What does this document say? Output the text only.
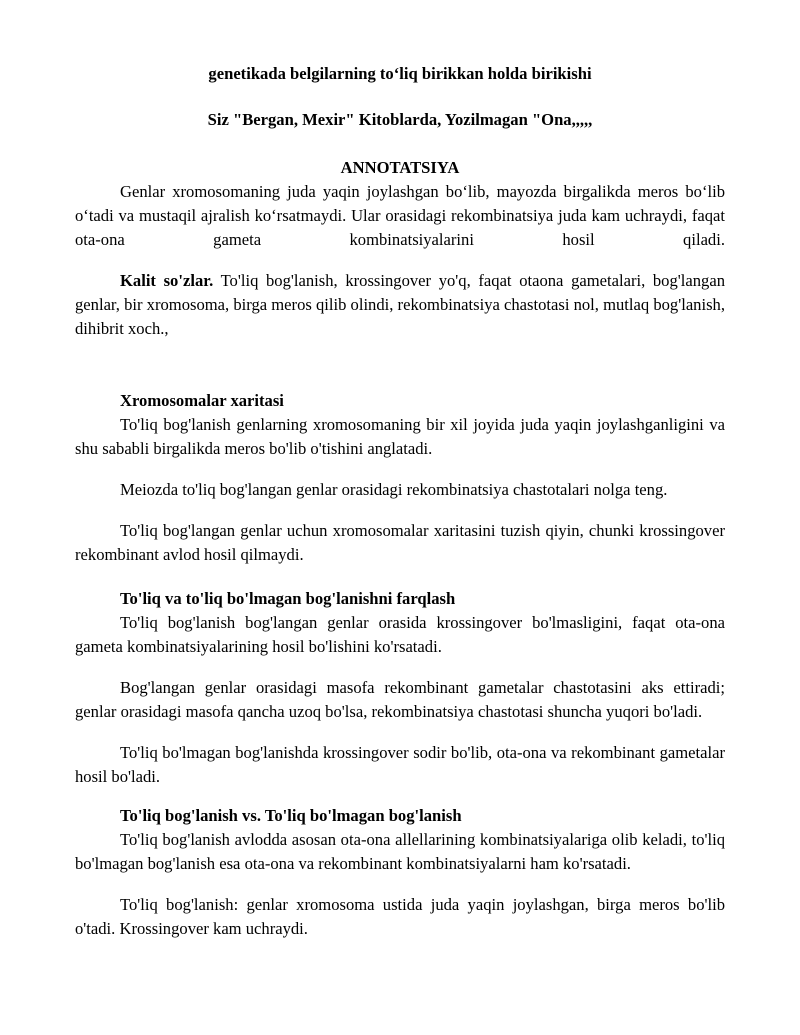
genetikada belgilarning to‘liq birikkan holda birikishi

Siz "Bergan, Mexir" Kitoblarda, Yozilmagan "Ona,,,,,

ANNOTATSIYA

Genlar xromosomaning juda yaqin joylashgan bo‘lib, mayozda birgalikda meros bo‘lib o‘tadi va mustaqil ajralish ko‘rsatmaydi. Ular orasidagi rekombinatsiya juda kam uchraydi, faqat ota-ona gameta kombinatsiyalarini hosil qiladi.

Kalit so'zlar. To'liq bog'lanish, krossingover yo'q, faqat otaona gametalari, bog'langan genlar, bir xromosoma, birga meros qilib olindi, rekombinatsiya chastotasi nol, mutlaq bog'lanish, dihibrit xoch.,

Xromosomalar xaritasi

To'liq bog'lanish genlarning xromosomaning bir xil joyida juda yaqin joylashganligini va shu sababli birgalikda meros bo'lib o'tishini anglatadi.

Meiozda to'liq bog'langan genlar orasidagi rekombinatsiya chastotalari nolga teng.

To'liq bog'langan genlar uchun xromosomalar xaritasini tuzish qiyin, chunki krossingover rekombinant avlod hosil qilmaydi.

To'liq va to'liq bo'lmagan bog'lanishni farqlash

To'liq bog'lanish bog'langan genlar orasida krossingover bo'lmasligini, faqat ota-ona gameta kombinatsiyalarining hosil bo'lishini ko'rsatadi.

Bog'langan genlar orasidagi masofa rekombinant gametalar chastotasini aks ettiradi; genlar orasidagi masofa qancha uzoq bo'lsa, rekombinatsiya chastotasi shuncha yuqori bo'ladi.

To'liq bo'lmagan bog'lanishda krossingover sodir bo'lib, ota-ona va rekombinant gametalar hosil bo'ladi.

To'liq bog'lanish vs. To'liq bo'lmagan bog'lanish

To'liq bog'lanish avlodda asosan ota-ona allellarining kombinatsiyalariga olib keladi, to'liq bo'lmagan bog'lanish esa ota-ona va rekombinant kombinatsiyalarni ham ko'rsatadi.

To'liq bog'lanish: genlar xromosoma ustida juda yaqin joylashgan, birga meros bo'lib o'tadi. Krossingover kam uchraydi.
